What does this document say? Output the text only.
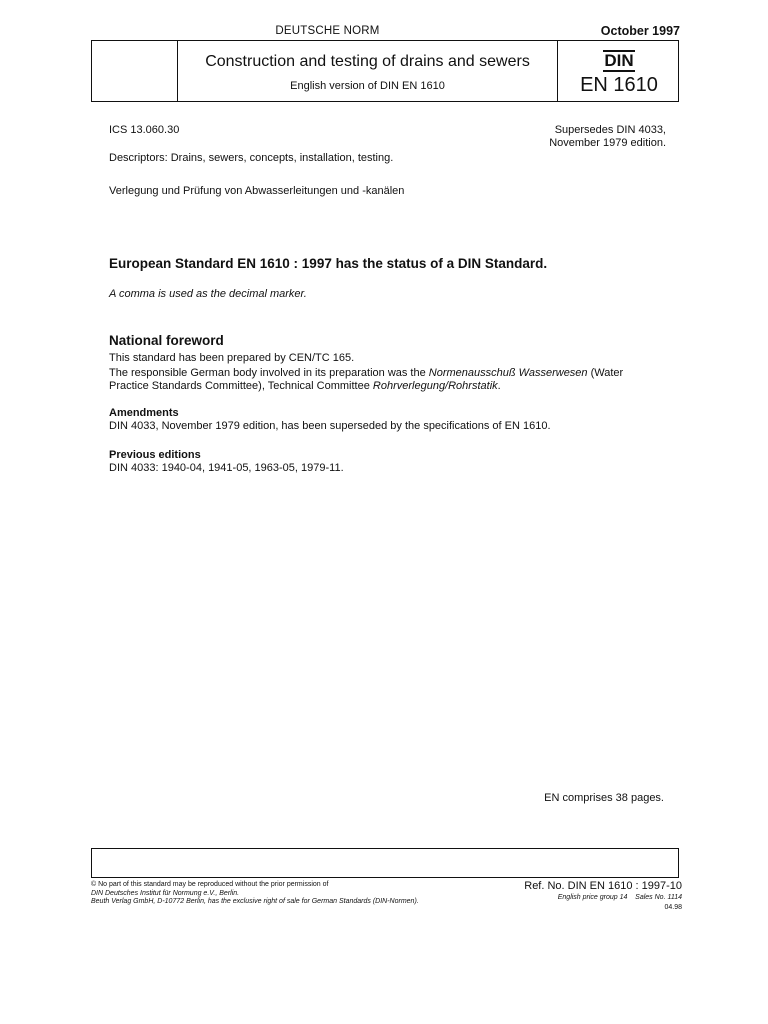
DEUTSCHE NORM	October 1997
Construction and testing of drains and sewers
English version of DIN EN 1610
DIN
EN 1610
ICS 13.060.30	Supersedes DIN 4033,
November 1979 edition.
Descriptors: Drains, sewers, concepts, installation, testing.
Verlegung und Prüfung von Abwasserleitungen und -kanälen
European Standard EN 1610 : 1997 has the status of a DIN Standard.
A comma is used as the decimal marker.
National foreword
This standard has been prepared by CEN/TC 165.
The responsible German body involved in its preparation was the Normenausschuß Wasserwesen (Water
Practice Standards Committee), Technical Committee Rohrverlegung/Rohrstatik.
Amendments
DIN 4033, November 1979 edition, has been superseded by the specifications of EN 1610.
Previous editions
DIN 4033: 1940-04, 1941-05, 1963-05, 1979-11.
EN comprises 38 pages.
© No part of this standard may be reproduced without the prior permission of
DIN Deutsches Institut für Normung e.V., Berlin.
Beuth Verlag GmbH, D-10772 Berlin, has the exclusive right of sale for German Standards (DIN-Normen).
Ref. No. DIN EN 1610 : 1997-10
English price group 14 Sales No. 1114
04.98
